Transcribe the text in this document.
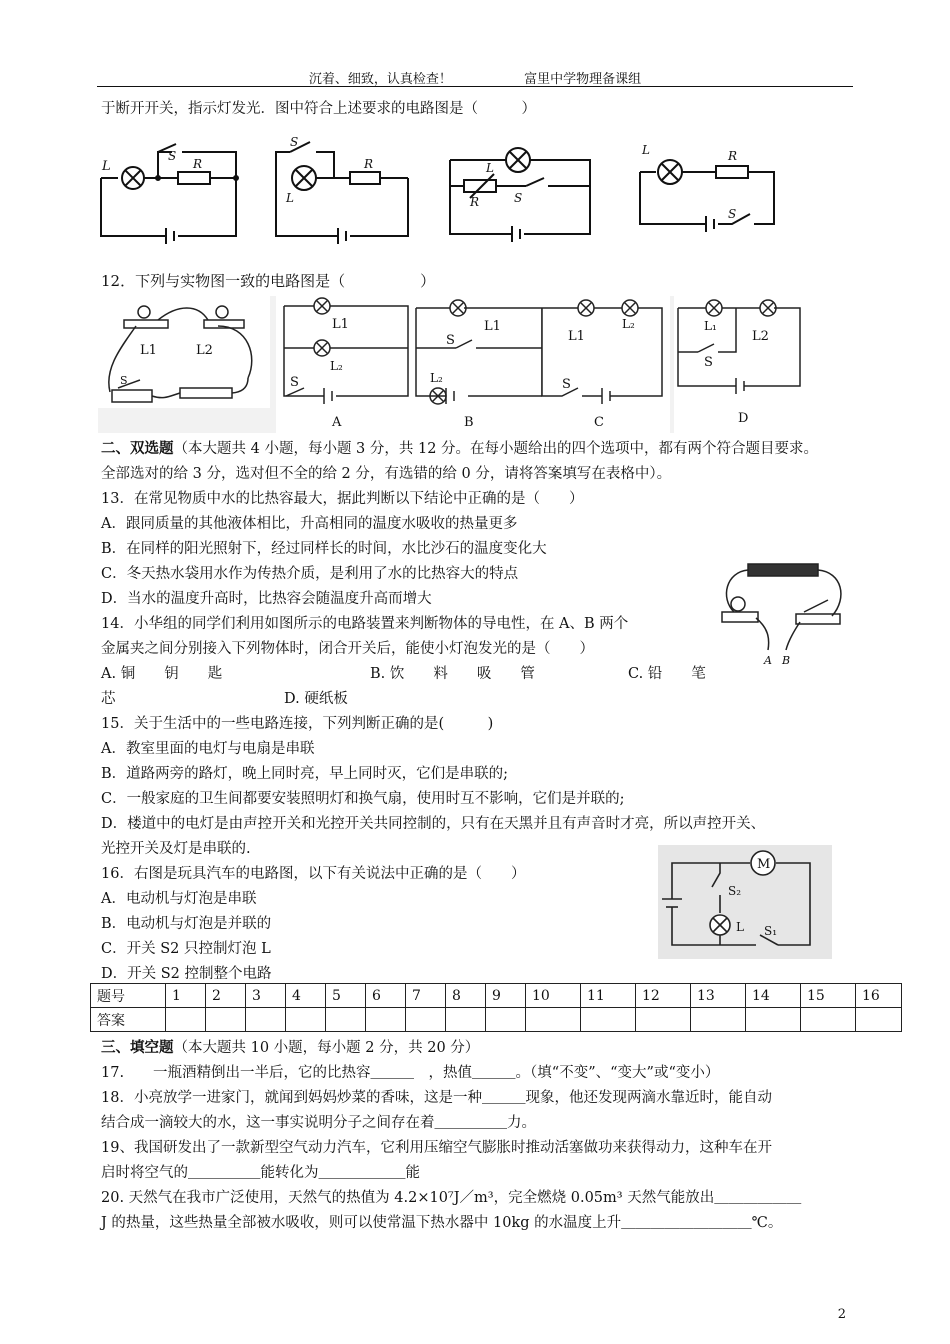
沉着、细致，认真检查！	富里中学物理备课组
于断开开关，指示灯发光．图中符合上述要求的电路图是（　　　）
L
S
R
S
R
L
L
R	S
L	R
S
12．下列与实物图一致的电路图是（　　　　　）
L1	L2
S
L1
L₂
S
A
L1
S
L₂
B
L1
L₂
S
C
L2
L₁
S
D
二、双选题（本大题共 4 小题，每小题 3 分，共 12 分。在每小题给出的四个选项中，都有两个符合题目要求。
全部选对的给 3 分，选对但不全的给 2 分，有选错的给 0 分，请将答案填写在表格中）。
13．在常见物质中水的比热容最大，据此判断以下结论中正确的是（　　）
A．跟同质量的其他液体相比，升高相同的温度水吸收的热量更多
B．在同样的阳光照射下，经过同样长的时间，水比沙石的温度变化大
C．冬天热水袋用水作为传热介质，是利用了水的比热容大的特点
D．当水的温度升高时，比热容会随温度升高而增大
14．小华组的同学们利用如图所示的电路装置来判断物体的导电性，在 A、B 两个
金属夹之间分别接入下列物体时，闭合开关后，能使小灯泡发光的是（　　）
A. 铜　　钥　　匙	B. 饮　　料　　吸　　管	C. 铅　　笔
芯	D. 硬纸板
A B
15．关于生活中的一些电路连接，下列判断正确的是(　　　)
A．教室里面的电灯与电扇是串联
B．道路两旁的路灯，晚上同时亮，早上同时灭，它们是串联的;
C．一般家庭的卫生间都要安装照明灯和换气扇，使用时互不影响，它们是并联的;
D．楼道中的电灯是由声控开关和光控开关共同控制的，只有在天黑并且有声音时才亮，所以声控开关、
光控开关及灯是串联的.
16．右图是玩具汽车的电路图，以下有关说法中正确的是（　　）
A．电动机与灯泡是串联
B．电动机与灯泡是并联的
C．开关 S2 只控制灯泡 L
D．开关 S2 控制整个电路
M
S₂
L S₁
题号	1	2	3	4	5	6	7	8	9	10	11	12	13	14	15	16
答案																
三、填空题（本大题共 10 小题，每小题 2 分，共 20 分）
17.　　一瓶酒精倒出一半后，它的比热容＿＿＿　，热值＿＿＿。（填“不变”、“变大”或“变小）
18．小亮放学一进家门，就闻到妈妈炒菜的香味，这是一种＿＿＿现象，他还发现两滴水靠近时，能自动
结合成一滴较大的水，这一事实说明分子之间存在着＿＿＿＿＿力。
19、我国研发出了一款新型空气动力汽车，它利用压缩空气膨胀时推动活塞做功来获得动力，这种车在开
启时将空气的＿＿＿＿＿能转化为＿＿＿＿＿＿能
20. 天然气在我市广泛使用，天然气的热值为 4.2×10⁷J／m³，完全燃烧 0.05m³ 天然气能放出＿＿＿＿＿＿
J 的热量，这些热量全部被水吸收，则可以使常温下热水器中 10kg 的水温度上升＿＿＿＿＿＿＿＿＿℃。
2
